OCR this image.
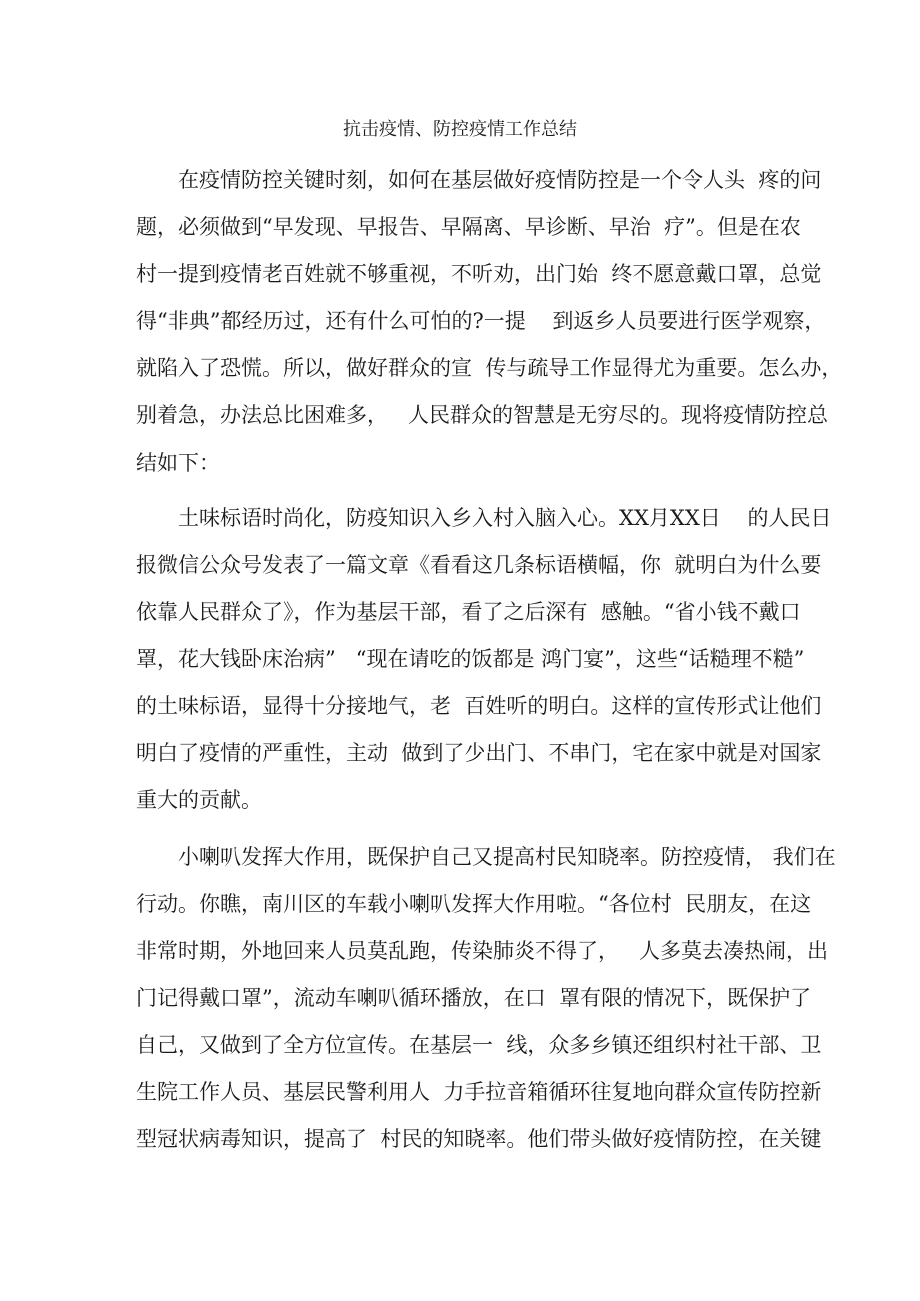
抗击疫情、防控疫情工作总结
在疫情防控关键时刻，如何在基层做好疫情防控是一个令人头  疼的问
题，必须做到“早发现、早报告、早隔离、早诊断、早治  疗”。但是在农
村一提到疫情老百姓就不够重视，不听劝，出门始  终不愿意戴口罩，总觉
得“非典”都经历过，还有什么可怕的?一提    到返乡人员要进行医学观察，
就陷入了恐慌。所以，做好群众的宣  传与疏导工作显得尤为重要。怎么办，
别着急，办法总比困难多，   人民群众的智慧是无穷尽的。现将疫情防控总
结如下：
土味标语时尚化，防疫知识入乡入村入脑入心。XX月XX日    的人民日
报微信公众号发表了一篇文章《看看这几条标语横幅，你  就明白为什么要
依靠人民群众了》，作为基层干部，看了之后深有  感触。“省小钱不戴口
罩，花大钱卧床治病”   “现在请吃的饭都是 鸿门宴”，这些“话糙理不糙”
的土味标语，显得十分接地气，老  百姓听的明白。这样的宣传形式让他们
明白了疫情的严重性，主动  做到了少出门、不串门，宅在家中就是对国家
重大的贡献。
小喇叭发挥大作用，既保护自己又提高村民知晓率。防控疫情， 我们在
行动。你瞧，南川区的车载小喇叭发挥大作用啦。“各位村  民朋友，在这
非常时期，外地回来人员莫乱跑，传染肺炎不得了，   人多莫去凑热闹，出
门记得戴口罩”，流动车喇叭循环播放，在口  罩有限的情况下，既保护了
自己，又做到了全方位宣传。在基层一  线，众多乡镇还组织村社干部、卫
生院工作人员、基层民警利用人  力手拉音箱循环往复地向群众宣传防控新
型冠状病毒知识，提高了  村民的知晓率。他们带头做好疫情防控，在关键
